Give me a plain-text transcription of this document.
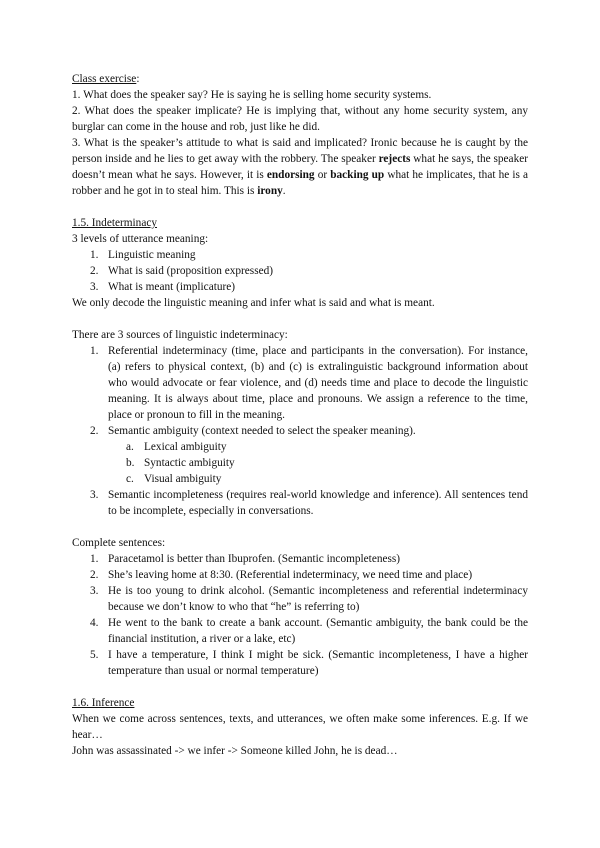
Class exercise:

1. What does the speaker say? He is saying he is selling home security systems.

2. What does the speaker implicate? He is implying that, without any home security system, any burglar can come in the house and rob, just like he did.

3. What is the speaker’s attitude to what is said and implicated? Ironic because he is caught by the person inside and he lies to get away with the robbery. The speaker rejects what he says, the speaker doesn’t mean what he says. However, it is endorsing or backing up what he implicates, that he is a robber and he got in to steal him. This is irony.

1.5. Indeterminacy

3 levels of utterance meaning:

1. Linguistic meaning
2. What is said (proposition expressed)
3. What is meant (implicature)

We only decode the linguistic meaning and infer what is said and what is meant.

There are 3 sources of linguistic indeterminacy:

1. Referential indeterminacy (time, place and participants in the conversation). For instance, (a) refers to physical context, (b) and (c) is extralinguistic background information about who would advocate or fear violence, and (d) needs time and place to decode the linguistic meaning. It is always about time, place and pronouns. We assign a reference to the time, place or pronoun to fill in the meaning.
2. Semantic ambiguity (context needed to select the speaker meaning).
a. Lexical ambiguity
b. Syntactic ambiguity
c. Visual ambiguity
3. Semantic incompleteness (requires real-world knowledge and inference). All sentences tend to be incomplete, especially in conversations.

Complete sentences:

1. Paracetamol is better than Ibuprofen. (Semantic incompleteness)
2. She’s leaving home at 8:30. (Referential indeterminacy, we need time and place)
3. He is too young to drink alcohol. (Semantic incompleteness and referential indeterminacy because we don’t know to who that “he” is referring to)
4. He went to the bank to create a bank account. (Semantic ambiguity, the bank could be the financial institution, a river or a lake, etc)
5. I have a temperature, I think I might be sick. (Semantic incompleteness, I have a higher temperature than usual or normal temperature)

1.6. Inference

When we come across sentences, texts, and utterances, we often make some inferences. E.g. If we hear…

John was assassinated -> we infer -> Someone killed John, he is dead…
